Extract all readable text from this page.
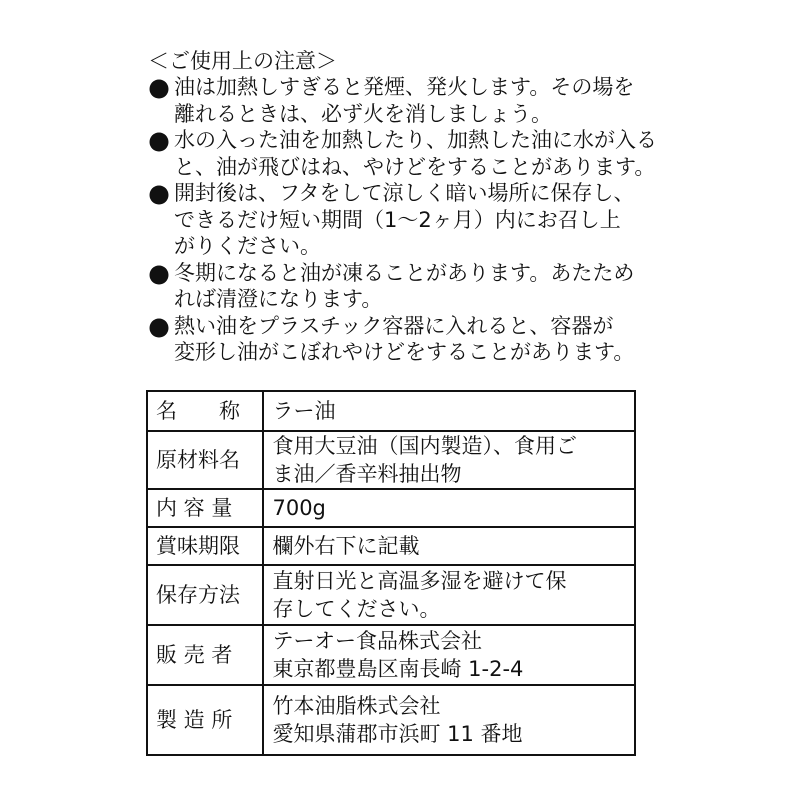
＜ご使用上の注意＞
油は加熱しすぎると発煙、発火します。その場を
離れるときは、必ず火を消しましょう。
水の入った油を加熱したり、加熱した油に水が入る
と、油が飛びはね、やけどをすることがあります。
開封後は、フタをして涼しく暗い場所に保存し、
できるだけ短い期間（1～2ヶ月）内にお召し上
がりください。
冬期になると油が凍ることがあります。あたため
れば清澄になります。
熱い油をプラスチック容器に入れると、容器が
変形し油がこぼれやけどをすることがあります。
名　　称	ラー油

原材料名	食用大豆油（国内製造）、食用ご
ま油／香辛料抽出物

内 容 量	700g

賞味期限	欄外右下に記載

保存方法	直射日光と高温多湿を避けて保
存してください。

販 売 者	テーオー食品株式会社
東京都豊島区南長崎 1-2-4

製 造 所	竹本油脂株式会社
愛知県蒲郡市浜町 11 番地
